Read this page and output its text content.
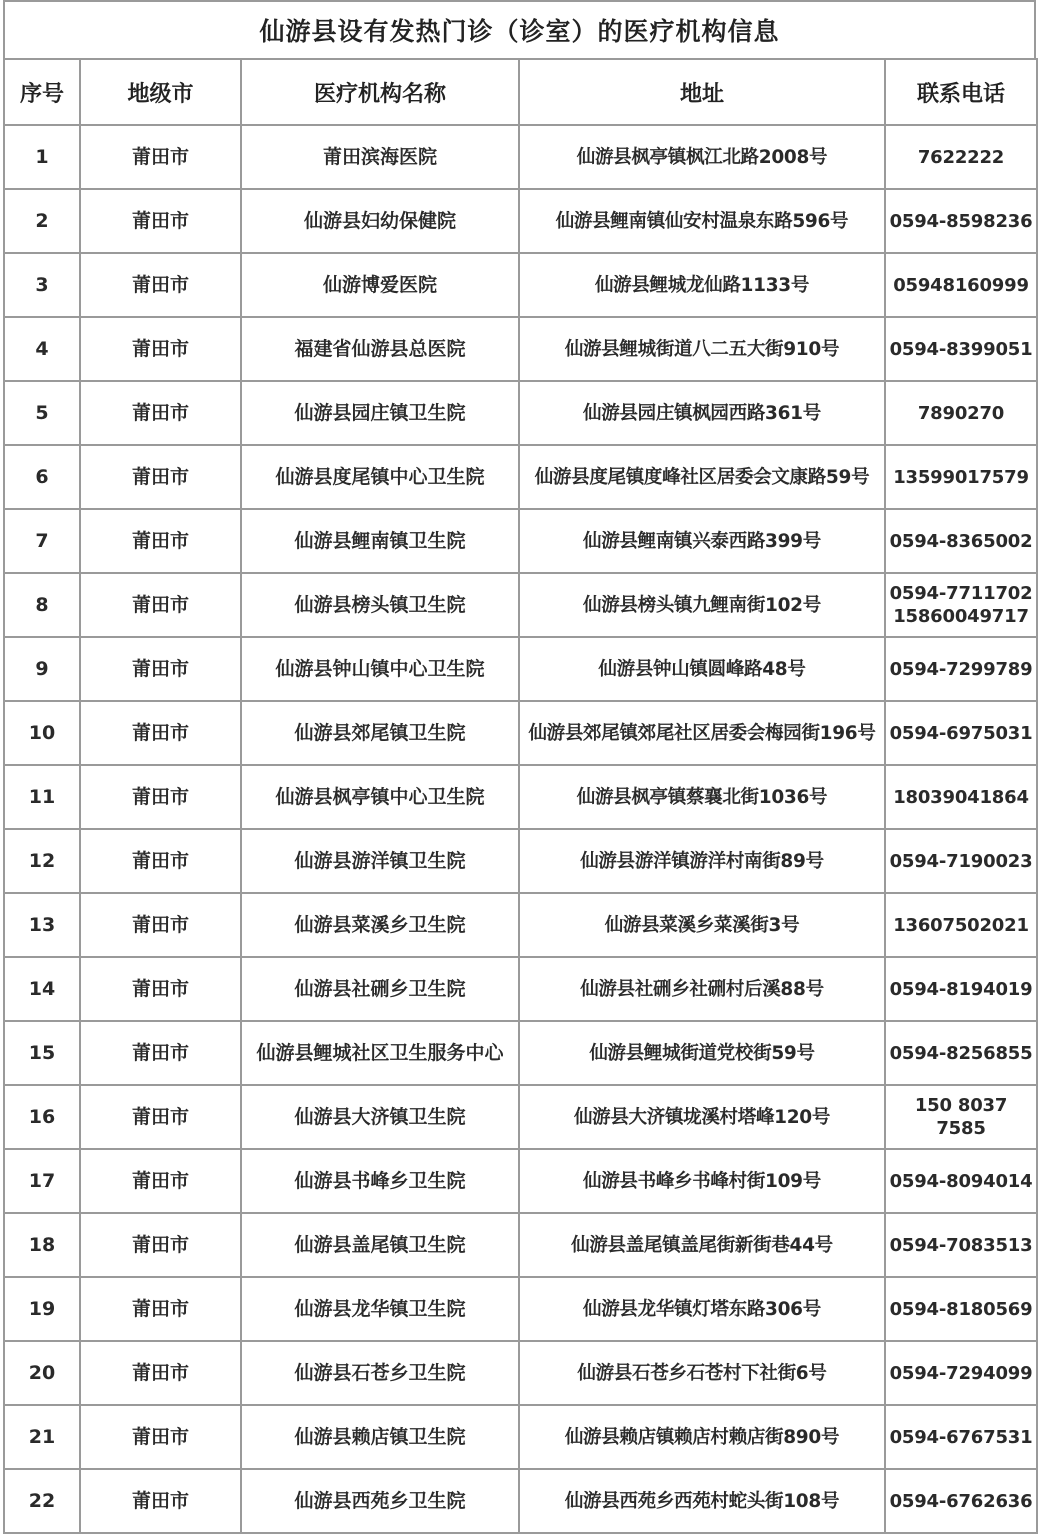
仙游县设有发热门诊（诊室）的医疗机构信息
序号	地级市	医疗机构名称	地址	联系电话
1	莆田市	莆田滨海医院	仙游县枫亭镇枫江北路2008号	7622222

2	莆田市	仙游县妇幼保健院	仙游县鲤南镇仙安村温泉东路596号	0594-8598236

3	莆田市	仙游博爱医院	仙游县鲤城龙仙路1133号	05948160999

4	莆田市	福建省仙游县总医院	仙游县鲤城街道八二五大街910号	0594-8399051

5	莆田市	仙游县园庄镇卫生院	仙游县园庄镇枫园西路361号	7890270

6	莆田市	仙游县度尾镇中心卫生院	仙游县度尾镇度峰社区居委会文康路59号	13599017579

7	莆田市	仙游县鲤南镇卫生院	仙游县鲤南镇兴泰西路399号	0594-8365002

8	莆田市	仙游县榜头镇卫生院	仙游县榜头镇九鲤南街102号	0594-7711702
15860049717

9	莆田市	仙游县钟山镇中心卫生院	仙游县钟山镇圆峰路48号	0594-7299789

10	莆田市	仙游县郊尾镇卫生院	仙游县郊尾镇郊尾社区居委会梅园街196号	0594-6975031

11	莆田市	仙游县枫亭镇中心卫生院	仙游县枫亭镇蔡襄北街1036号	18039041864

12	莆田市	仙游县游洋镇卫生院	仙游县游洋镇游洋村南街89号	0594-7190023

13	莆田市	仙游县菜溪乡卫生院	仙游县菜溪乡菜溪街3号	13607502021

14	莆田市	仙游县社硎乡卫生院	仙游县社硎乡社硎村后溪88号	0594-8194019

15	莆田市	仙游县鲤城社区卫生服务中心	仙游县鲤城街道党校街59号	0594-8256855

16	莆田市	仙游县大济镇卫生院	仙游县大济镇垅溪村塔峰120号	150 8037 7585

17	莆田市	仙游县书峰乡卫生院	仙游县书峰乡书峰村街109号	0594-8094014

18	莆田市	仙游县盖尾镇卫生院	仙游县盖尾镇盖尾街新街巷44号	0594-7083513

19	莆田市	仙游县龙华镇卫生院	仙游县龙华镇灯塔东路306号	0594-8180569

20	莆田市	仙游县石苍乡卫生院	仙游县石苍乡石苍村下社街6号	0594-7294099

21	莆田市	仙游县赖店镇卫生院	仙游县赖店镇赖店村赖店街890号	0594-6767531

22	莆田市	仙游县西苑乡卫生院	仙游县西苑乡西苑村蛇头街108号	0594-6762636
